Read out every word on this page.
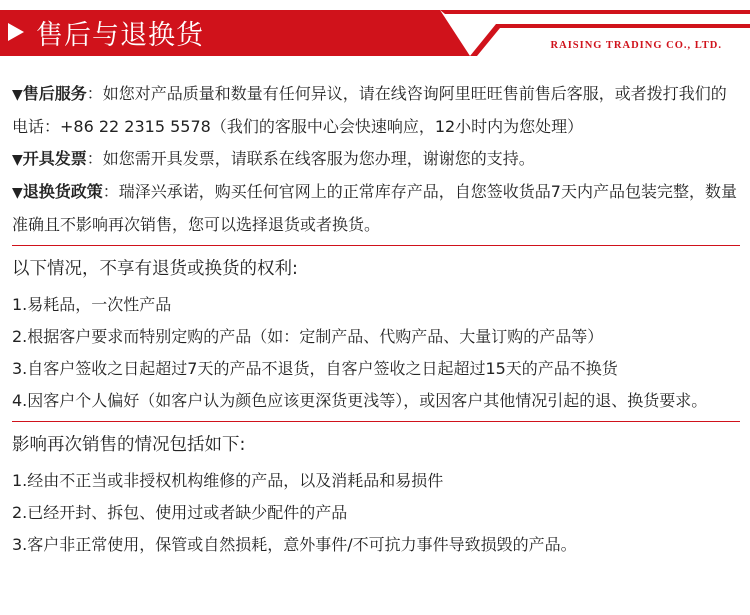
售后与退换货	RAISING TRADING CO., LTD.

▼售后服务：如您对产品质量和数量有任何异议，请在线咨询阿里旺旺售前售后客服，或者拨打我们的电话：+86 22 2315 5578（我们的客服中心会快速响应，12小时内为您处理）

▼开具发票：如您需开具发票，请联系在线客服为您办理，谢谢您的支持。

▼退换货政策：瑞泽兴承诺，购买任何官网上的正常库存产品，自您签收货品7天内产品包装完整，数量准确且不影响再次销售，您可以选择退货或者换货。

以下情况，不享有退货或换货的权利:

1.易耗品，一次性产品

2.根据客户要求而特别定购的产品（如：定制产品、代购产品、大量订购的产品等）

3.自客户签收之日起超过7天的产品不退货，自客户签收之日起超过15天的产品不换货

4.因客户个人偏好（如客户认为颜色应该更深货更浅等），或因客户其他情况引起的退、换货要求。

影响再次销售的情况包括如下:

1.经由不正当或非授权机构维修的产品，以及消耗品和易损件

2.已经开封、拆包、使用过或者缺少配件的产品

3.客户非正常使用，保管或自然损耗，意外事件/不可抗力事件导致损毁的产品。
